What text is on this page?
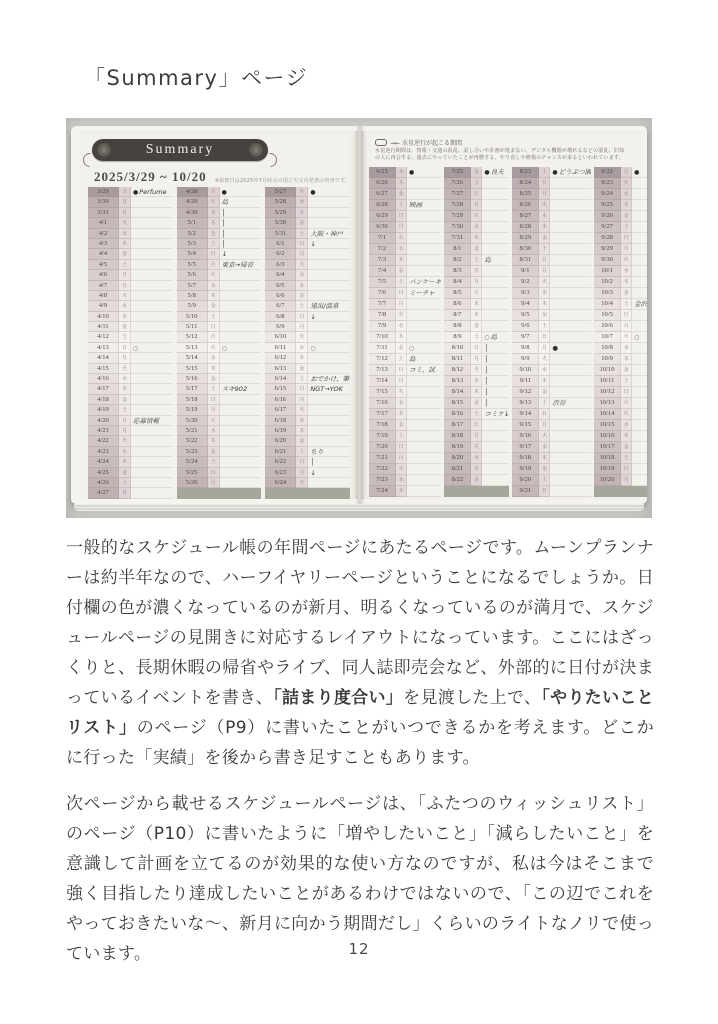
「Summary」ページ
Summary
2025/3/29 ~ 10/20 ※祝祭日は2025年7月時点の国立天文台発表の内容です。
3/29	土	●Perfume
3/30	日
3/31	月
4/1	火
4/2	水
4/3	木
4/4	金
4/5	土
4/6	日
4/7	月
4/8	火
4/9	水
4/10	木
4/11	金
4/12	土
4/13	日	○
4/14	月
4/15	火
4/16	水
4/17	木
4/18	金
4/19	土
4/20	日 応募情報
4/21	月
4/22	火
4/23	水
4/24	木
4/25	金
4/26	土
4/27	日
4/28	月	●
4/29	火 島
4/30	水 │
5/1	木 │
5/2	金 │
5/3	土 │
5/4	日 ↓
5/5	月 東京→帰省
5/6	火
5/7	水
5/8	木
5/9	金
5/10	土
5/11	日
5/12	月
5/13	火	○
5/14	水
5/15	木
5/16	金
5/17	土 スキ902
5/18	日
5/19	月
5/20	火
5/21	水
5/22	木
5/23	金
5/24	土
5/25	日
5/26	月
5/27	火	●
5/28	水
5/29	木
5/30	金
5/31	土 大阪・神戸
6/1	日 ↓
6/2	月
6/3	火
6/4	水
6/5	木
6/6	金
6/7	土 遠出/温泉
6/8	日 ↓
6/9	月
6/10	火
6/11	水	○
6/12	木
6/13	金
6/14	土 おでかけ、筆
6/15	日 NGT→YOK
6/16	月
6/17	火
6/18	水
6/19	木
6/20	金
6/21	土 ちり
6/22	日 │
6/23	月 ↓
6/24	火
→← 水星逆行が起こる期間
水星逆行期間は、情報・交通の混乱、話し合いや計画が進まない、デジタル機器が壊れるなどの混乱、旧知の人に再会する、過去にやっていたことが再燃する、やり直しや修復のチャンスが来るといわれています。
6/25	水 ●
6/26	木
6/27	金
6/28	土 映画
6/29	日
6/30	月
7/1	火
7/2	水
7/3	木
7/4	金
7/5	土 パンケーキ
7/6	日 ミーチャ
7/7	月
7/8	火
7/9	水
7/10	木
7/11	金 ○
7/12	土 島
7/13	日 コミ、試
7/14	月
7/15	火
7/16	水
7/17	木
7/18	金
7/19	土
7/20	日
7/21	月
7/22	火
7/23	水
7/24	木
7/25	金 ●良夫
7/26	土
7/27	日
7/28	月
7/29	火
7/30	水
7/31	木
8/1	金
8/2	土 島
8/3	日
8/4	月
8/5	火
8/6	水
8/7	木
8/8	金
8/9	土 ○島
8/10	日 │
8/11	月 │
8/12	火 │
8/13	水 │
8/14	木 │
8/15	金 │
8/16	土 コミケ↓
8/17	日
8/18	月
8/19	火
8/20	水
8/21	木
8/22	金
8/23	土 ●どうぶつ園
8/24	日
8/25	月
8/26	火
8/27	水
8/28	木
8/29	金
8/30	土
8/31	日
9/1	月
9/2	火
9/3	水
9/4	木
9/5	金
9/6	土
9/7	日
9/8	月 ●
9/9	火
9/10	水
9/11	木
9/12	金
9/13	土 渋谷
9/14	日
9/15	月
9/16	火
9/17	水
9/18	木
9/19	金
9/20	土
9/21	日
9/22	月 ●
9/23	火
9/24	水
9/25	木
9/26	金
9/27	土
9/28	日
9/29	月
9/30	火
10/1	水
10/2	木
10/3	金
10/4	土 金沢
10/5	日
10/6	月
10/7	火 ○
10/8	水
10/9	木
10/10	金
10/11	土
10/12	日
10/13	月
10/14	火
10/15	水
10/16	木
10/17	金
10/18	土
10/19	日
10/20	月

一般的なスケジュール帳の年間ページにあたるページです。ムーンプランナーは約半年なので、ハーフイヤリーページということになるでしょうか。日付欄の色が濃くなっているのが新月、明るくなっているのが満月で、スケジュールページの見開きに対応するレイアウトになっています。ここにはざっくりと、長期休暇の帰省やライブ、同人誌即売会など、外部的に日付が決まっているイベントを書き、「詰まり度合い」を見渡した上で、「やりたいことリスト」のページ（P9）に書いたことがいつできるかを考えます。どこかに行った「実績」を後から書き足すこともあります。

次ページから載せるスケジュールページは、「ふたつのウィッシュリスト」のページ（P10）に書いたように「増やしたいこと」「減らしたいこと」を意識して計画を立てるのが効果的な使い方なのですが、私は今はそこまで強く目指したり達成したいことがあるわけではないので、「この辺でこれをやっておきたいな〜、新月に向かう期間だし」くらいのライトなノリで使っています。	12
